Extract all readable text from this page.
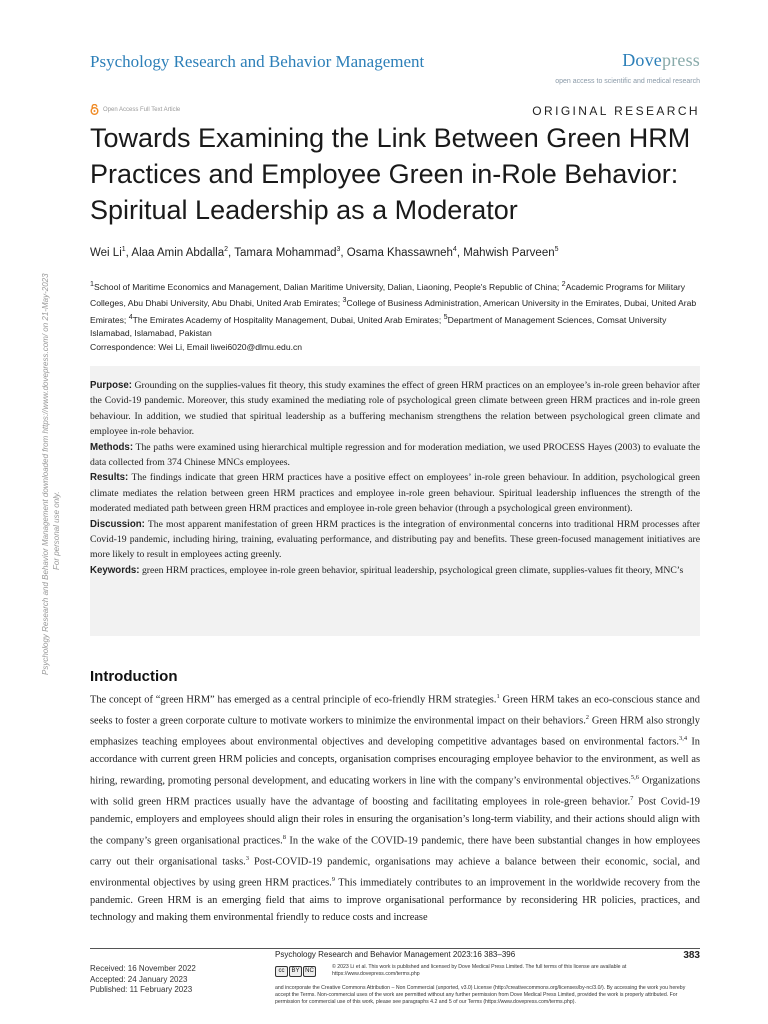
Psychology Research and Behavior Management	Dovepress
open access to scientific and medical research
Open Access Full Text Article	ORIGINAL RESEARCH
Towards Examining the Link Between Green HRM Practices and Employee Green in-Role Behavior: Spiritual Leadership as a Moderator
Wei Li$^1$, Alaa Amin Abdalla$^2$, Tamara Mohammad$^3$, Osama Khassawneh$^4$, Mahwish Parveen$^5$
$^1$School of Maritime Economics and Management, Dalian Maritime University, Dalian, Liaoning, People's Republic of China; $^2$Academic Programs for Military Colleges, Abu Dhabi University, Abu Dhabi, United Arab Emirates; $^3$College of Business Administration, American University in the Emirates, Dubai, United Arab Emirates; $^4$The Emirates Academy of Hospitality Management, Dubai, United Arab Emirates; $^5$Department of Management Sciences, Comsat University Islamabad, Islamabad, Pakistan
Correspondence: Wei Li, Email liwei6020@dlmu.edu.cn

Purpose: Grounding on the supplies-values fit theory, this study examines the effect of green HRM practices on an employee’s in-role green behavior after the Covid-19 pandemic. Moreover, this study examined the mediating role of psychological green climate between green HRM practices and in-role green behaviour. In addition, we studied that spiritual leadership as a buffering mechanism strengthens the relation between psychological green climate and employee in-role behavior.

Methods: The paths were examined using hierarchical multiple regression and for moderation mediation, we used PROCESS Hayes (2003) to evaluate the data collected from 374 Chinese MNCs employees.

Results: The findings indicate that green HRM practices have a positive effect on employees’ in-role green behaviour. In addition, psychological green climate mediates the relation between green HRM practices and employee in-role green behaviour. Spiritual leadership influences the strength of the moderated mediated path between green HRM practices and employee in-role green behavior (through a psychological green environment).

Discussion: The most apparent manifestation of green HRM practices is the integration of environmental concerns into traditional HRM processes after Covid-19 pandemic, including hiring, training, evaluating performance, and distributing pay and benefits. These green-focused management initiatives are more likely to result in employees acting greenly.

Keywords: green HRM practices, employee in-role green behavior, spiritual leadership, psychological green climate, supplies-values fit theory, MNC’s

Introduction
The concept of “green HRM” has emerged as a central principle of eco-friendly HRM strategies.$^1$ Green HRM takes an eco-conscious stance and seeks to foster a green corporate culture to motivate workers to minimize the environmental impact on their behaviors.$^2$ Green HRM also strongly emphasizes teaching employees about environmental objectives and developing competitive advantages based on environmental factors.$^{3,4}$ In accordance with current green HRM policies and concepts, organisation comprises encouraging employee behavior to the environment, as well as hiring, rewarding, promoting personal development, and educating workers in line with the company’s environmental objectives.$^{5,6}$ Organizations with solid green HRM practices usually have the advantage of boosting and facilitating employees in role-green behavior.$^7$ Post Covid-19 pandemic, employers and employees should align their roles in ensuring the organisation’s long-term viability, and their actions should align with the company’s green organisational practices.$^8$ In the wake of the COVID-19 pandemic, there have been substantial changes in how employees carry out their organisational tasks.$^3$ Post-COVID-19 pandemic, organisations may achieve a balance between their economic, social, and environmental objectives by using green HRM practices.$^9$ This immediately contributes to an improvement in the worldwide recovery from the pandemic. Green HRM is an emerging field that aims to improve organisational performance by reconsidering HR policies, practices, and technology and making them environmental friendly to reduce costs and increase
Psychology Research and Behavior Management downloaded from https://www.dovepress.com/ on 21-May-2023 For personal use only.
Received: 16 November 2022
Accepted: 24 January 2023
Published: 11 February 2023
Psychology Research and Behavior Management 2023:16 383–396	383
cc	BY NC
© 2023 Li et al. This work is published and licensed by Dove Medical Press Limited. The full terms of this license are available at https://www.dovepress.com/terms.php
and incorporate the Creative Commons Attribution – Non Commercial (unported, v3.0) License (http://creativecommons.org/licenses/by-nc/3.0/). By accessing the work you hereby accept the Terms. Non-commercial uses of the work are permitted without any further permission from Dove Medical Press Limited, provided the work is properly attributed. For permission for commercial use of this work, please see paragraphs 4.2 and 5 of our Terms (https://www.dovepress.com/terms.php).
